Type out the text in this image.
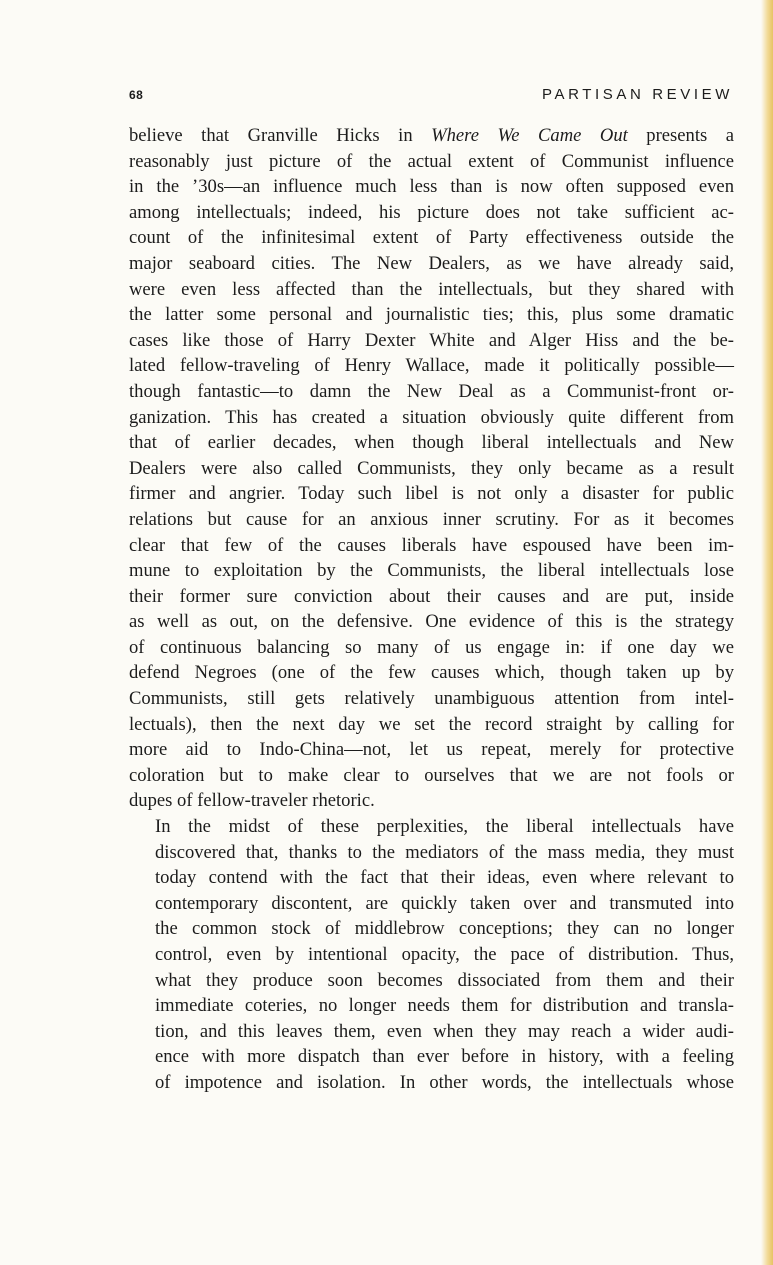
68	PARTISAN REVIEW

believe that Granville Hicks in Where We Came Out presents a
reasonably just picture of the actual extent of Communist influence
in the ’30s—an influence much less than is now often supposed even
among intellectuals; indeed, his picture does not take sufficient ac-
count of the infinitesimal extent of Party effectiveness outside the
major seaboard cities. The New Dealers, as we have already said,
were even less affected than the intellectuals, but they shared with
the latter some personal and journalistic ties; this, plus some dramatic
cases like those of Harry Dexter White and Alger Hiss and the be-
lated fellow-traveling of Henry Wallace, made it politically possible—
though fantastic—to damn the New Deal as a Communist-front or-
ganization. This has created a situation obviously quite different from
that of earlier decades, when though liberal intellectuals and New
Dealers were also called Communists, they only became as a result
firmer and angrier. Today such libel is not only a disaster for public
relations but cause for an anxious inner scrutiny. For as it becomes
clear that few of the causes liberals have espoused have been im-
mune to exploitation by the Communists, the liberal intellectuals lose
their former sure conviction about their causes and are put, inside
as well as out, on the defensive. One evidence of this is the strategy
of continuous balancing so many of us engage in: if one day we
defend Negroes (one of the few causes which, though taken up by
Communists, still gets relatively unambiguous attention from intel-
lectuals), then the next day we set the record straight by calling for
more aid to Indo-China—not, let us repeat, merely for protective
coloration but to make clear to ourselves that we are not fools or
dupes of fellow-traveler rhetoric.

In the midst of these perplexities, the liberal intellectuals have
discovered that, thanks to the mediators of the mass media, they must
today contend with the fact that their ideas, even where relevant to
contemporary discontent, are quickly taken over and transmuted into
the common stock of middlebrow conceptions; they can no longer
control, even by intentional opacity, the pace of distribution. Thus,
what they produce soon becomes dissociated from them and their
immediate coteries, no longer needs them for distribution and transla-
tion, and this leaves them, even when they may reach a wider audi-
ence with more dispatch than ever before in history, with a feeling
of impotence and isolation. In other words, the intellectuals whose
